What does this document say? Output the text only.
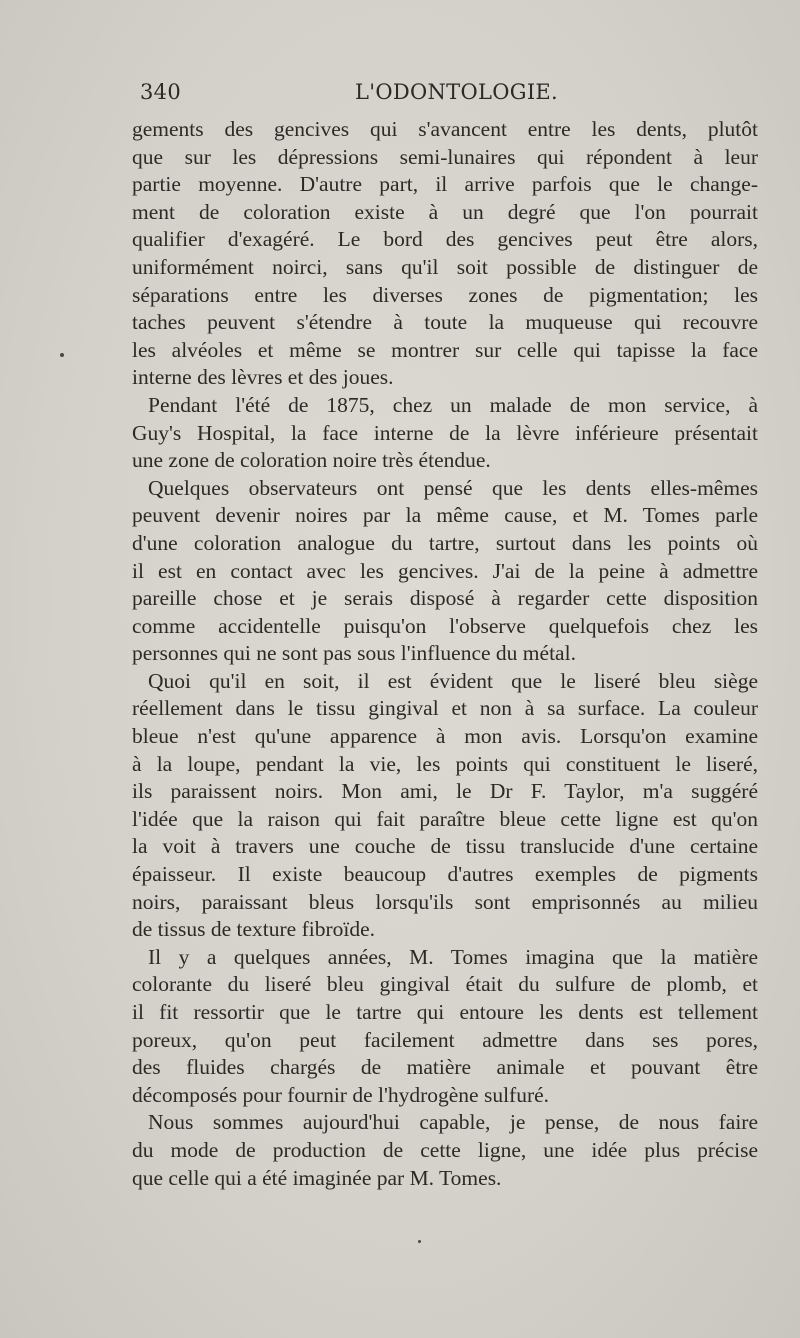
340	L'ODONTOLOGIE.
gements des gencives qui s'avancent entre les dents, plutôt
que sur les dépressions semi-lunaires qui répondent à leur
partie moyenne. D'autre part, il arrive parfois que le change-
ment de coloration existe à un degré que l'on pourrait
qualifier d'exagéré. Le bord des gencives peut être alors,
uniformément noirci, sans qu'il soit possible de distinguer de
séparations entre les diverses zones de pigmentation; les
taches peuvent s'étendre à toute la muqueuse qui recouvre
les alvéoles et même se montrer sur celle qui tapisse la face
interne des lèvres et des joues.
Pendant l'été de 1875, chez un malade de mon service, à
Guy's Hospital, la face interne de la lèvre inférieure présentait
une zone de coloration noire très étendue.
Quelques observateurs ont pensé que les dents elles-mêmes
peuvent devenir noires par la même cause, et M. Tomes parle
d'une coloration analogue du tartre, surtout dans les points où
il est en contact avec les gencives. J'ai de la peine à admettre
pareille chose et je serais disposé à regarder cette disposition
comme accidentelle puisqu'on l'observe quelquefois chez les
personnes qui ne sont pas sous l'influence du métal.
Quoi qu'il en soit, il est évident que le liseré bleu siège
réellement dans le tissu gingival et non à sa surface. La couleur
bleue n'est qu'une apparence à mon avis. Lorsqu'on examine
à la loupe, pendant la vie, les points qui constituent le liseré,
ils paraissent noirs. Mon ami, le Dr F. Taylor, m'a suggéré
l'idée que la raison qui fait paraître bleue cette ligne est qu'on
la voit à travers une couche de tissu translucide d'une certaine
épaisseur. Il existe beaucoup d'autres exemples de pigments
noirs, paraissant bleus lorsqu'ils sont emprisonnés au milieu
de tissus de texture fibroïde.
Il y a quelques années, M. Tomes imagina que la matière
colorante du liseré bleu gingival était du sulfure de plomb, et
il fit ressortir que le tartre qui entoure les dents est tellement
poreux, qu'on peut facilement admettre dans ses pores,
des fluides chargés de matière animale et pouvant être
décomposés pour fournir de l'hydrogène sulfuré.
Nous sommes aujourd'hui capable, je pense, de nous faire
du mode de production de cette ligne, une idée plus précise
que celle qui a été imaginée par M. Tomes.
